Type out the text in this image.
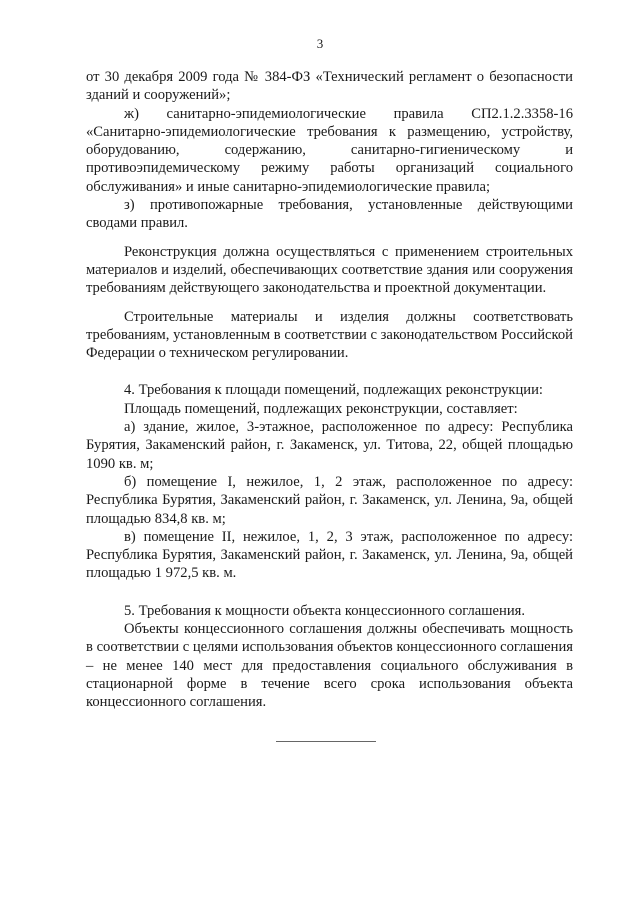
3

от 30 декабря 2009 года № 384-ФЗ «Технический регламент о безопасности зданий и сооружений»;

ж) санитарно-эпидемиологические правила СП2.1.2.3358-16 «Санитарно-эпидемиологические требования к размещению, устройству, оборудованию, содержанию, санитарно-гигиеническому и противоэпидемическому режиму работы организаций социального обслуживания» и иные санитарно-эпидемиологические правила;

з) противопожарные требования, установленные действующими сводами правил.

Реконструкция должна осуществляться с применением строительных материалов и изделий, обеспечивающих соответствие здания или сооружения требованиям действующего законодательства и проектной документации.

Строительные материалы и изделия должны соответствовать требованиям, установленным в соответствии с законодательством Российской Федерации о техническом регулировании.

4. Требования к площади помещений, подлежащих реконструкции:

Площадь помещений, подлежащих реконструкции, составляет:

а) здание, жилое, 3-этажное, расположенное по адресу: Республика Бурятия, Закаменский район, г. Закаменск, ул. Титова, 22, общей площадью 1090 кв. м;

б) помещение I, нежилое, 1, 2 этаж, расположенное по адресу: Республика Бурятия, Закаменский район, г. Закаменск, ул. Ленина, 9а, общей площадью 834,8 кв. м;

в) помещение II, нежилое, 1, 2, 3 этаж, расположенное по адресу: Республика Бурятия, Закаменский район, г. Закаменск, ул. Ленина, 9а, общей площадью 1 972,5 кв. м.

5. Требования к мощности объекта концессионного соглашения.

Объекты концессионного соглашения должны обеспечивать мощность в соответствии с целями использования объектов концессионного соглашения – не менее 140 мест для предоставления социального обслуживания в стационарной форме в течение всего срока использования объекта концессионного соглашения.
